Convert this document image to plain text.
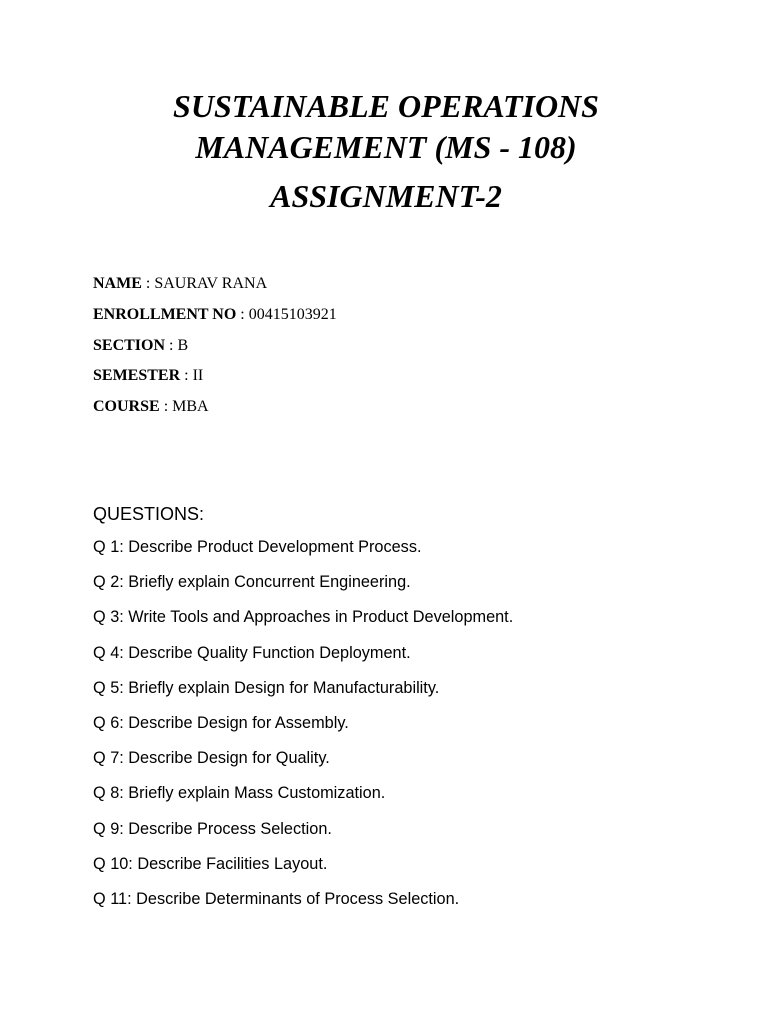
SUSTAINABLE OPERATIONS
MANAGEMENT (MS - 108)
ASSIGNMENT-2
NAME : SAURAV RANA
ENROLLMENT NO : 00415103921
SECTION : B
SEMESTER : II
COURSE : MBA
QUESTIONS:
Q 1: Describe Product Development Process.
Q 2: Briefly explain Concurrent Engineering.
Q 3: Write Tools and Approaches in Product Development.
Q 4: Describe Quality Function Deployment.
Q 5: Briefly explain Design for Manufacturability.
Q 6: Describe Design for Assembly.
Q 7: Describe Design for Quality.
Q 8: Briefly explain Mass Customization.
Q 9: Describe Process Selection.
Q 10: Describe Facilities Layout.
Q 11: Describe Determinants of Process Selection.
